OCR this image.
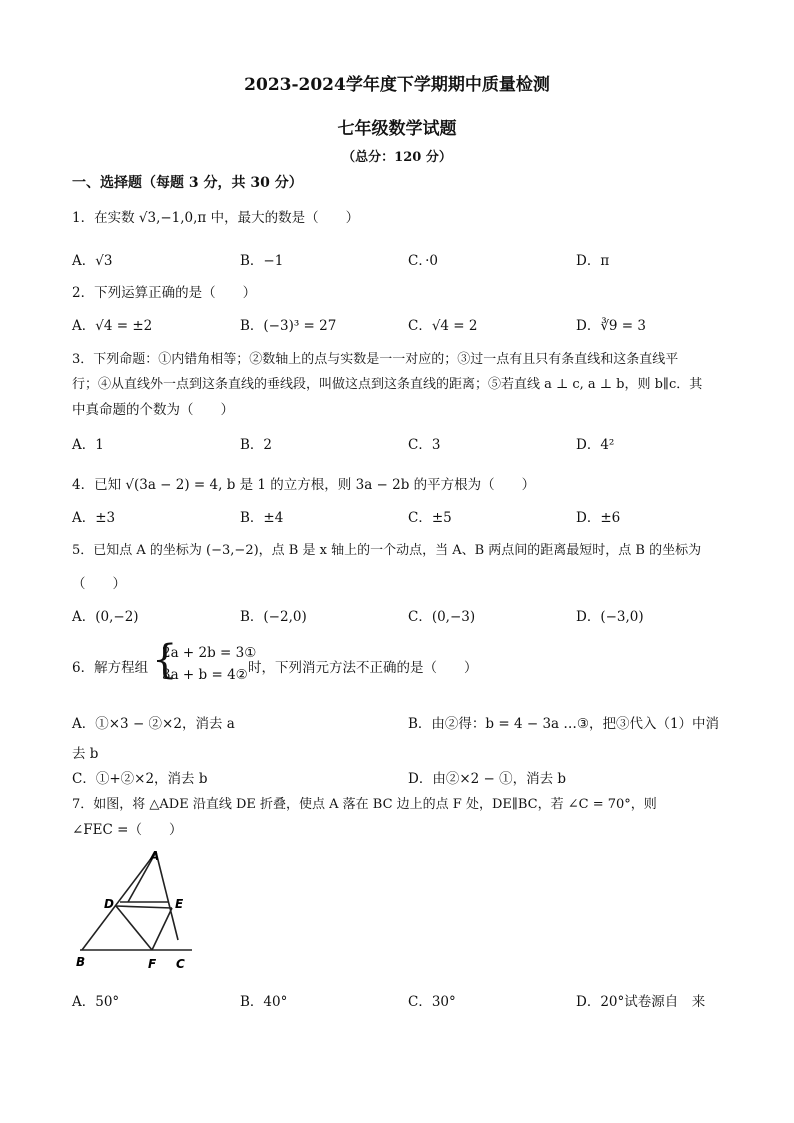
2023-2024学年度下学期期中质量检测
七年级数学试题
（总分：120 分）
一、选择题（每题 3 分，共 30 分）
1．在实数 √3,−1,0,π 中，最大的数是（　　）
A．√3	B．−1	C．·0	D．π
2．下列运算正确的是（　　）
A．√4 = ±2	B．(−3)³ = 27	C．√4 = 2	D．∛9 = 3
3．下列命题：①内错角相等；②数轴上的点与实数是一一对应的；③过一点有且只有条直线和这条直线平
行；④从直线外一点到这条直线的垂线段，叫做这点到这条直线的距离；⑤若直线 a ⊥ c, a ⊥ b，则 b∥c．其
中真命题的个数为（　　）
A．1	B．2	C．3	D．4²
4．已知 √(3a − 2) = 4, b 是 1 的立方根，则 3a − 2b 的平方根为（　　）
A．±3	B．±4	C．±5	D．±6
5．已知点 A 的坐标为 (−3,−2)，点 B 是 x 轴上的一个动点，当 A、B 两点间的距离最短时，点 B 的坐标为
（　　）
A．(0,−2)	B．(−2,0)	C．(0,−3)	D．(−3,0)
6．解方程组 {
2a + 2b = 3①
3a + b = 4② 时，下列消元方法不正确的是（　　）
A．①×3 − ②×2，消去 a	B．由②得：b = 4 − 3a …③，把③代入（1）中消
去 b
C．①+②×2，消去 b	D．由②×2 − ①，消去 b
7．如图，将 △ADE 沿直线 DE 折叠，使点 A 落在 BC 边上的点 F 处，DE∥BC，若 ∠C = 70°，则
∠FEC =（　　）
A
D	E
B	F C
A．50°	B．40°	C．30°	D．20°试卷源自　来
